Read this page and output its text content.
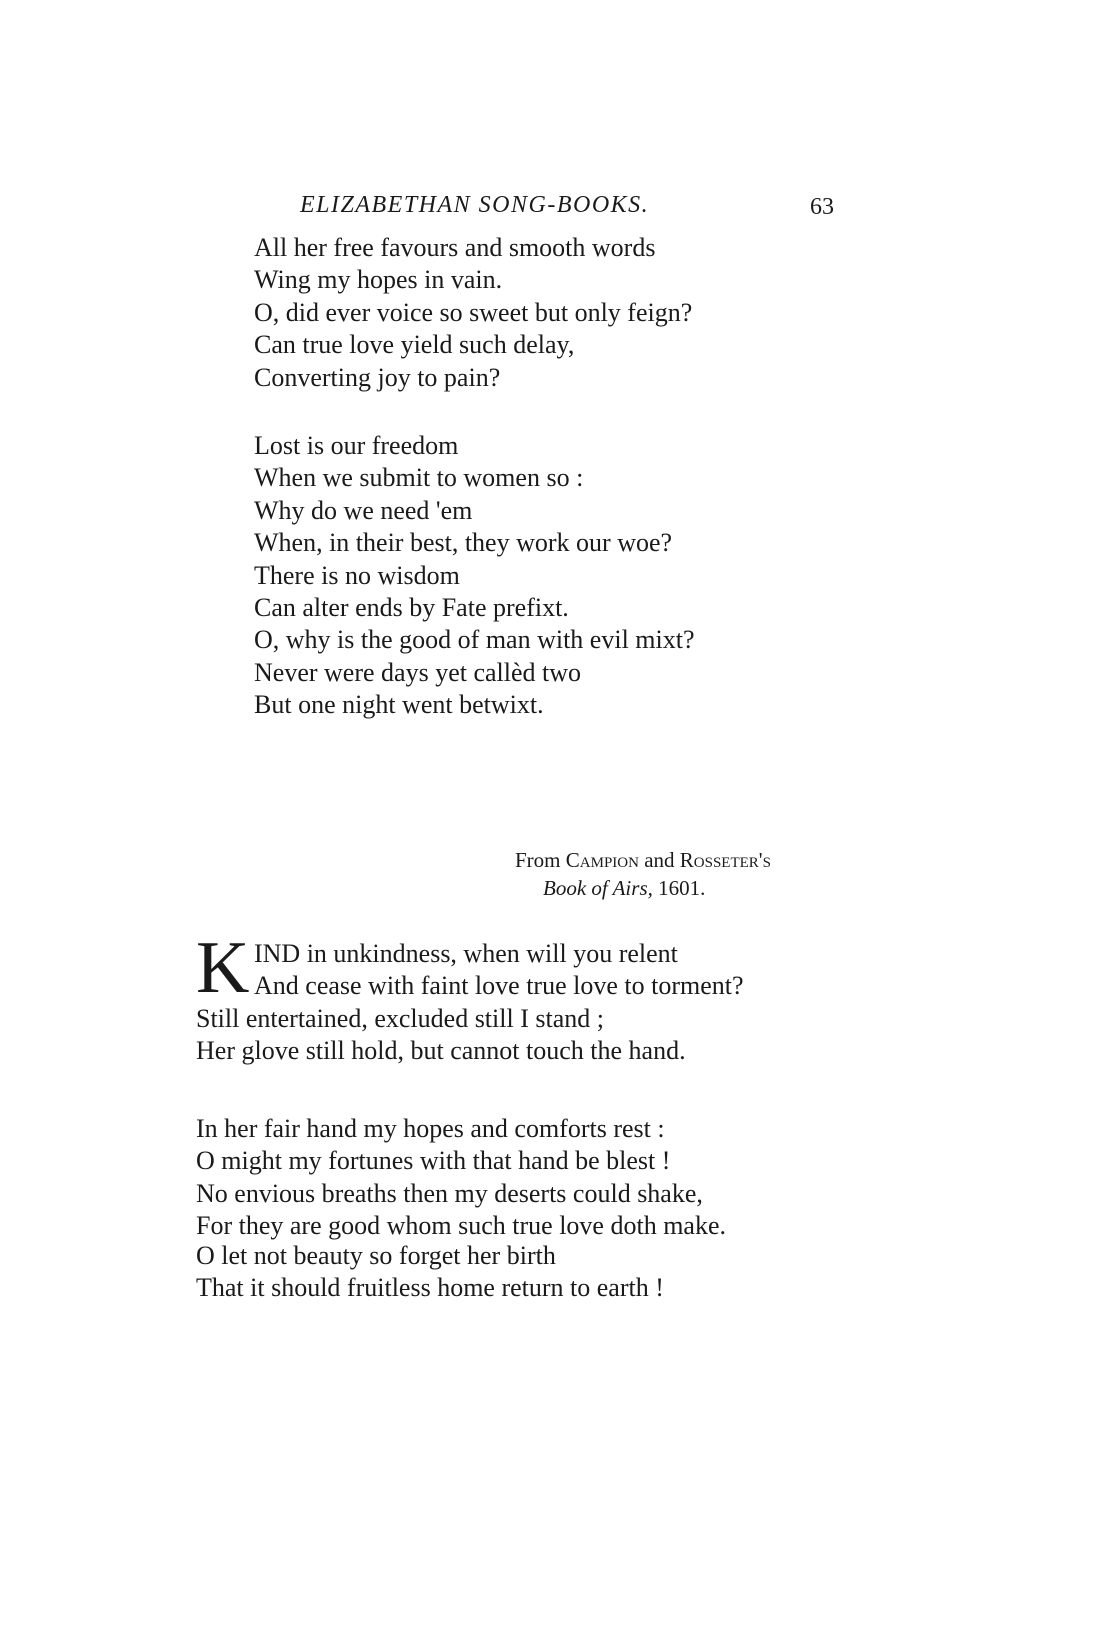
ELIZABETHAN SONG-BOOKS.	63
All her free favours and smooth words
Wing my hopes in vain.
O, did ever voice so sweet but only feign?
Can true love yield such delay,
Converting joy to pain?
Lost is our freedom
When we submit to women so :
Why do we need 'em
When, in their best, they work our woe?
There is no wisdom
Can alter ends by Fate prefixt.
O, why is the good of man with evil mixt?
Never were days yet callèd two
But one night went betwixt.
From Campion and Rosseter's
Book of Airs, 1601.
K IND in unkindness, when will you relent
And cease with faint love true love to torment?
Still entertained, excluded still I stand ;
Her glove still hold, but cannot touch the hand.
In her fair hand my hopes and comforts rest :
O might my fortunes with that hand be blest !
No envious breaths then my deserts could shake,
For they are good whom such true love doth make.
O let not beauty so forget her birth
That it should fruitless home return to earth !
